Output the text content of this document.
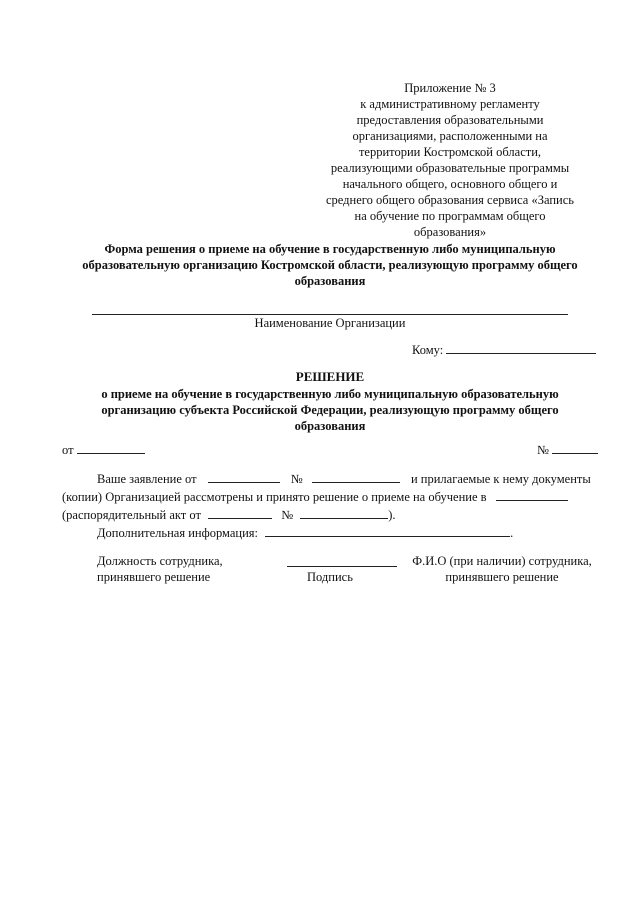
Приложение № 3
к административному регламенту
предоставления образовательными
организациями, расположенными на
территории Костромской области,
реализующими образовательные программы
начального общего, основного общего и
среднего общего образования сервиса «Запись
на обучение по программам общего
образования»
Форма решения о приеме на обучение в государственную либо муниципальную
образовательную организацию Костромской области, реализующую программу общего
образования
Наименование Организации
Кому:
РЕШЕНИЕ
о приеме на обучение в государственную либо муниципальную образовательную
организацию субъекта Российской Федерации, реализующую программу общего
образования
от	№
Ваше заявление от	№	и прилагаемые к нему документы
(копии) Организацией рассмотрены и принято решение о приеме на обучение в
(распорядительный акт от	№	).
Дополнительная информация:	.
Должность сотрудника,
принявшего решение	Подпись
Ф.И.О (при наличии) сотрудника,
принявшего решение
